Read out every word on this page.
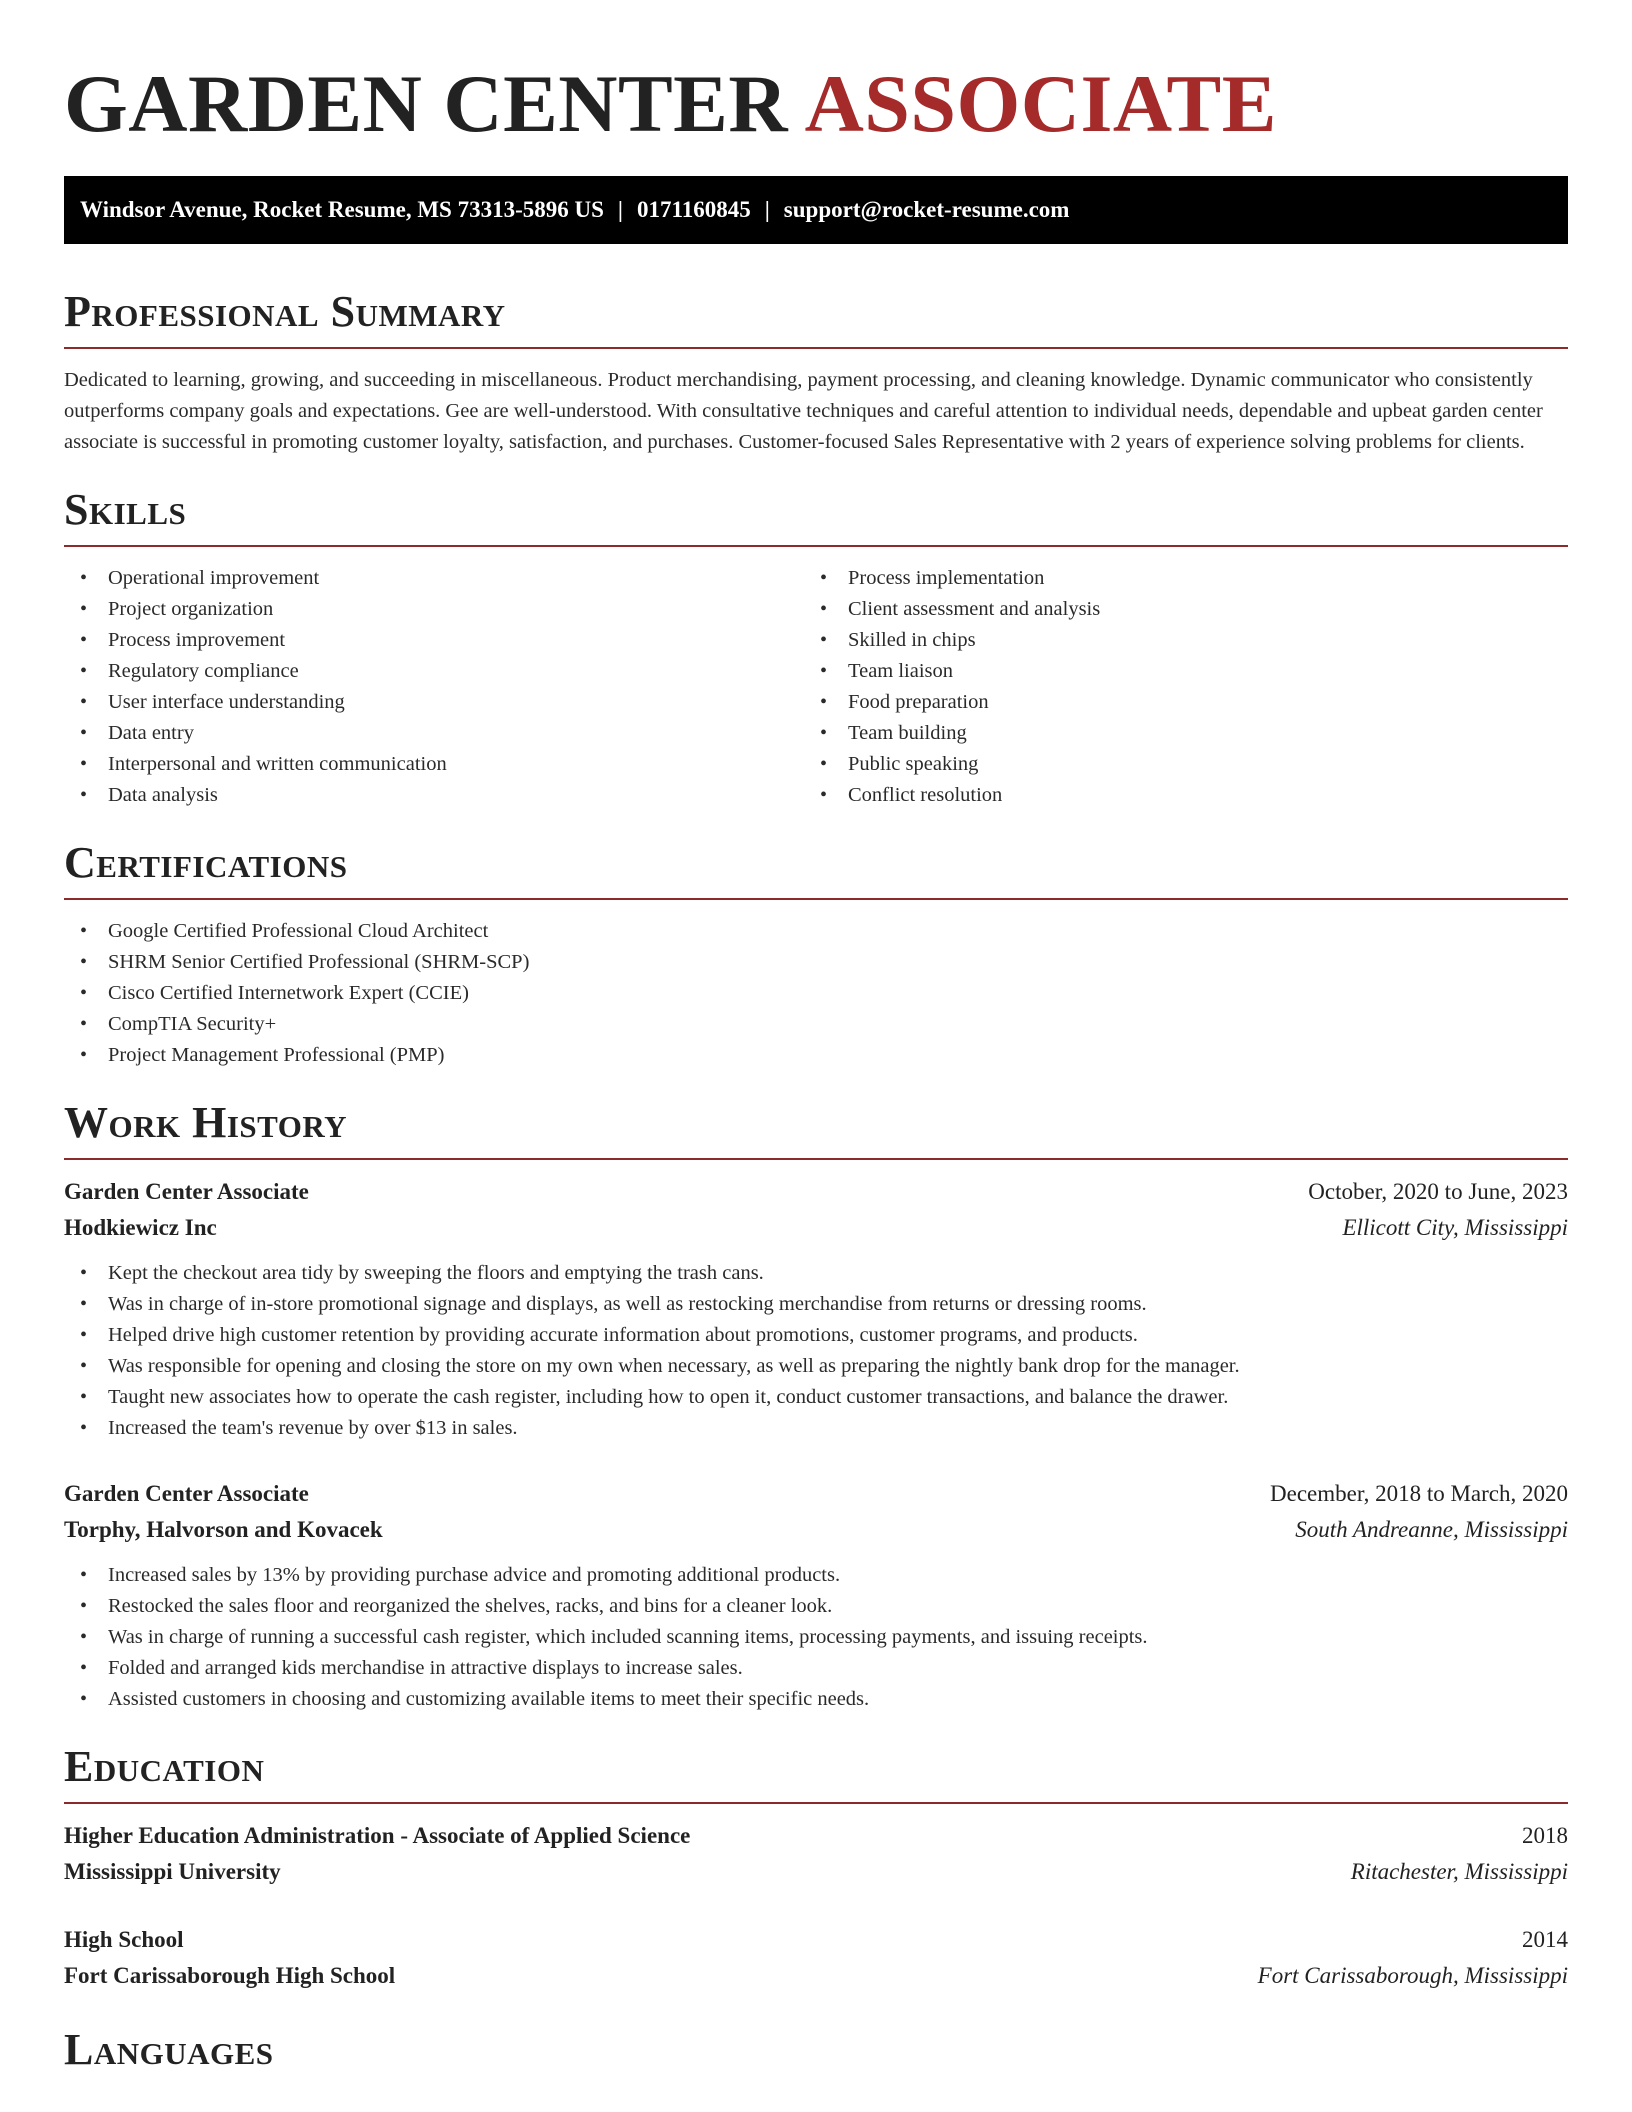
GARDEN CENTER ASSOCIATE
Windsor Avenue, Rocket Resume, MS 73313-5896 US | 0171160845 | support@rocket-resume.com
Professional Summary

Dedicated to learning, growing, and succeeding in miscellaneous. Product merchandising, payment processing, and cleaning knowledge. Dynamic communicator who consistently outperforms company goals and expectations. Gee are well-understood. With consultative techniques and careful attention to individual needs, dependable and upbeat garden center associate is successful in promoting customer loyalty, satisfaction, and purchases. Customer-focused Sales Representative with 2 years of experience solving problems for clients.

Skills
• Operational improvement
• Project organization
• Process improvement
• Regulatory compliance
• User interface understanding
• Data entry
• Interpersonal and written communication
• Data analysis
• Process implementation
• Client assessment and analysis
• Skilled in chips
• Team liaison
• Food preparation
• Team building
• Public speaking
• Conflict resolution
Certifications
• Google Certified Professional Cloud Architect
• SHRM Senior Certified Professional (SHRM-SCP)
• Cisco Certified Internetwork Expert (CCIE)
• CompTIA Security+
• Project Management Professional (PMP)
Work History
Garden Center Associate	October, 2020 to June, 2023
Hodkiewicz Inc	Ellicott City, Mississippi
• Kept the checkout area tidy by sweeping the floors and emptying the trash cans.
• Was in charge of in-store promotional signage and displays, as well as restocking merchandise from returns or dressing rooms.
• Helped drive high customer retention by providing accurate information about promotions, customer programs, and products.
• Was responsible for opening and closing the store on my own when necessary, as well as preparing the nightly bank drop for the manager.
• Taught new associates how to operate the cash register, including how to open it, conduct customer transactions, and balance the drawer.
• Increased the team's revenue by over $13 in sales.
Garden Center Associate	December, 2018 to March, 2020
Torphy, Halvorson and Kovacek	South Andreanne, Mississippi
• Increased sales by 13% by providing purchase advice and promoting additional products.
• Restocked the sales floor and reorganized the shelves, racks, and bins for a cleaner look.
• Was in charge of running a successful cash register, which included scanning items, processing payments, and issuing receipts.
• Folded and arranged kids merchandise in attractive displays to increase sales.
• Assisted customers in choosing and customizing available items to meet their specific needs.
Education
Higher Education Administration - Associate of Applied Science	2018
Mississippi University	Ritachester, Mississippi
High School	2014
Fort Carissaborough High School	Fort Carissaborough, Mississippi
Languages
